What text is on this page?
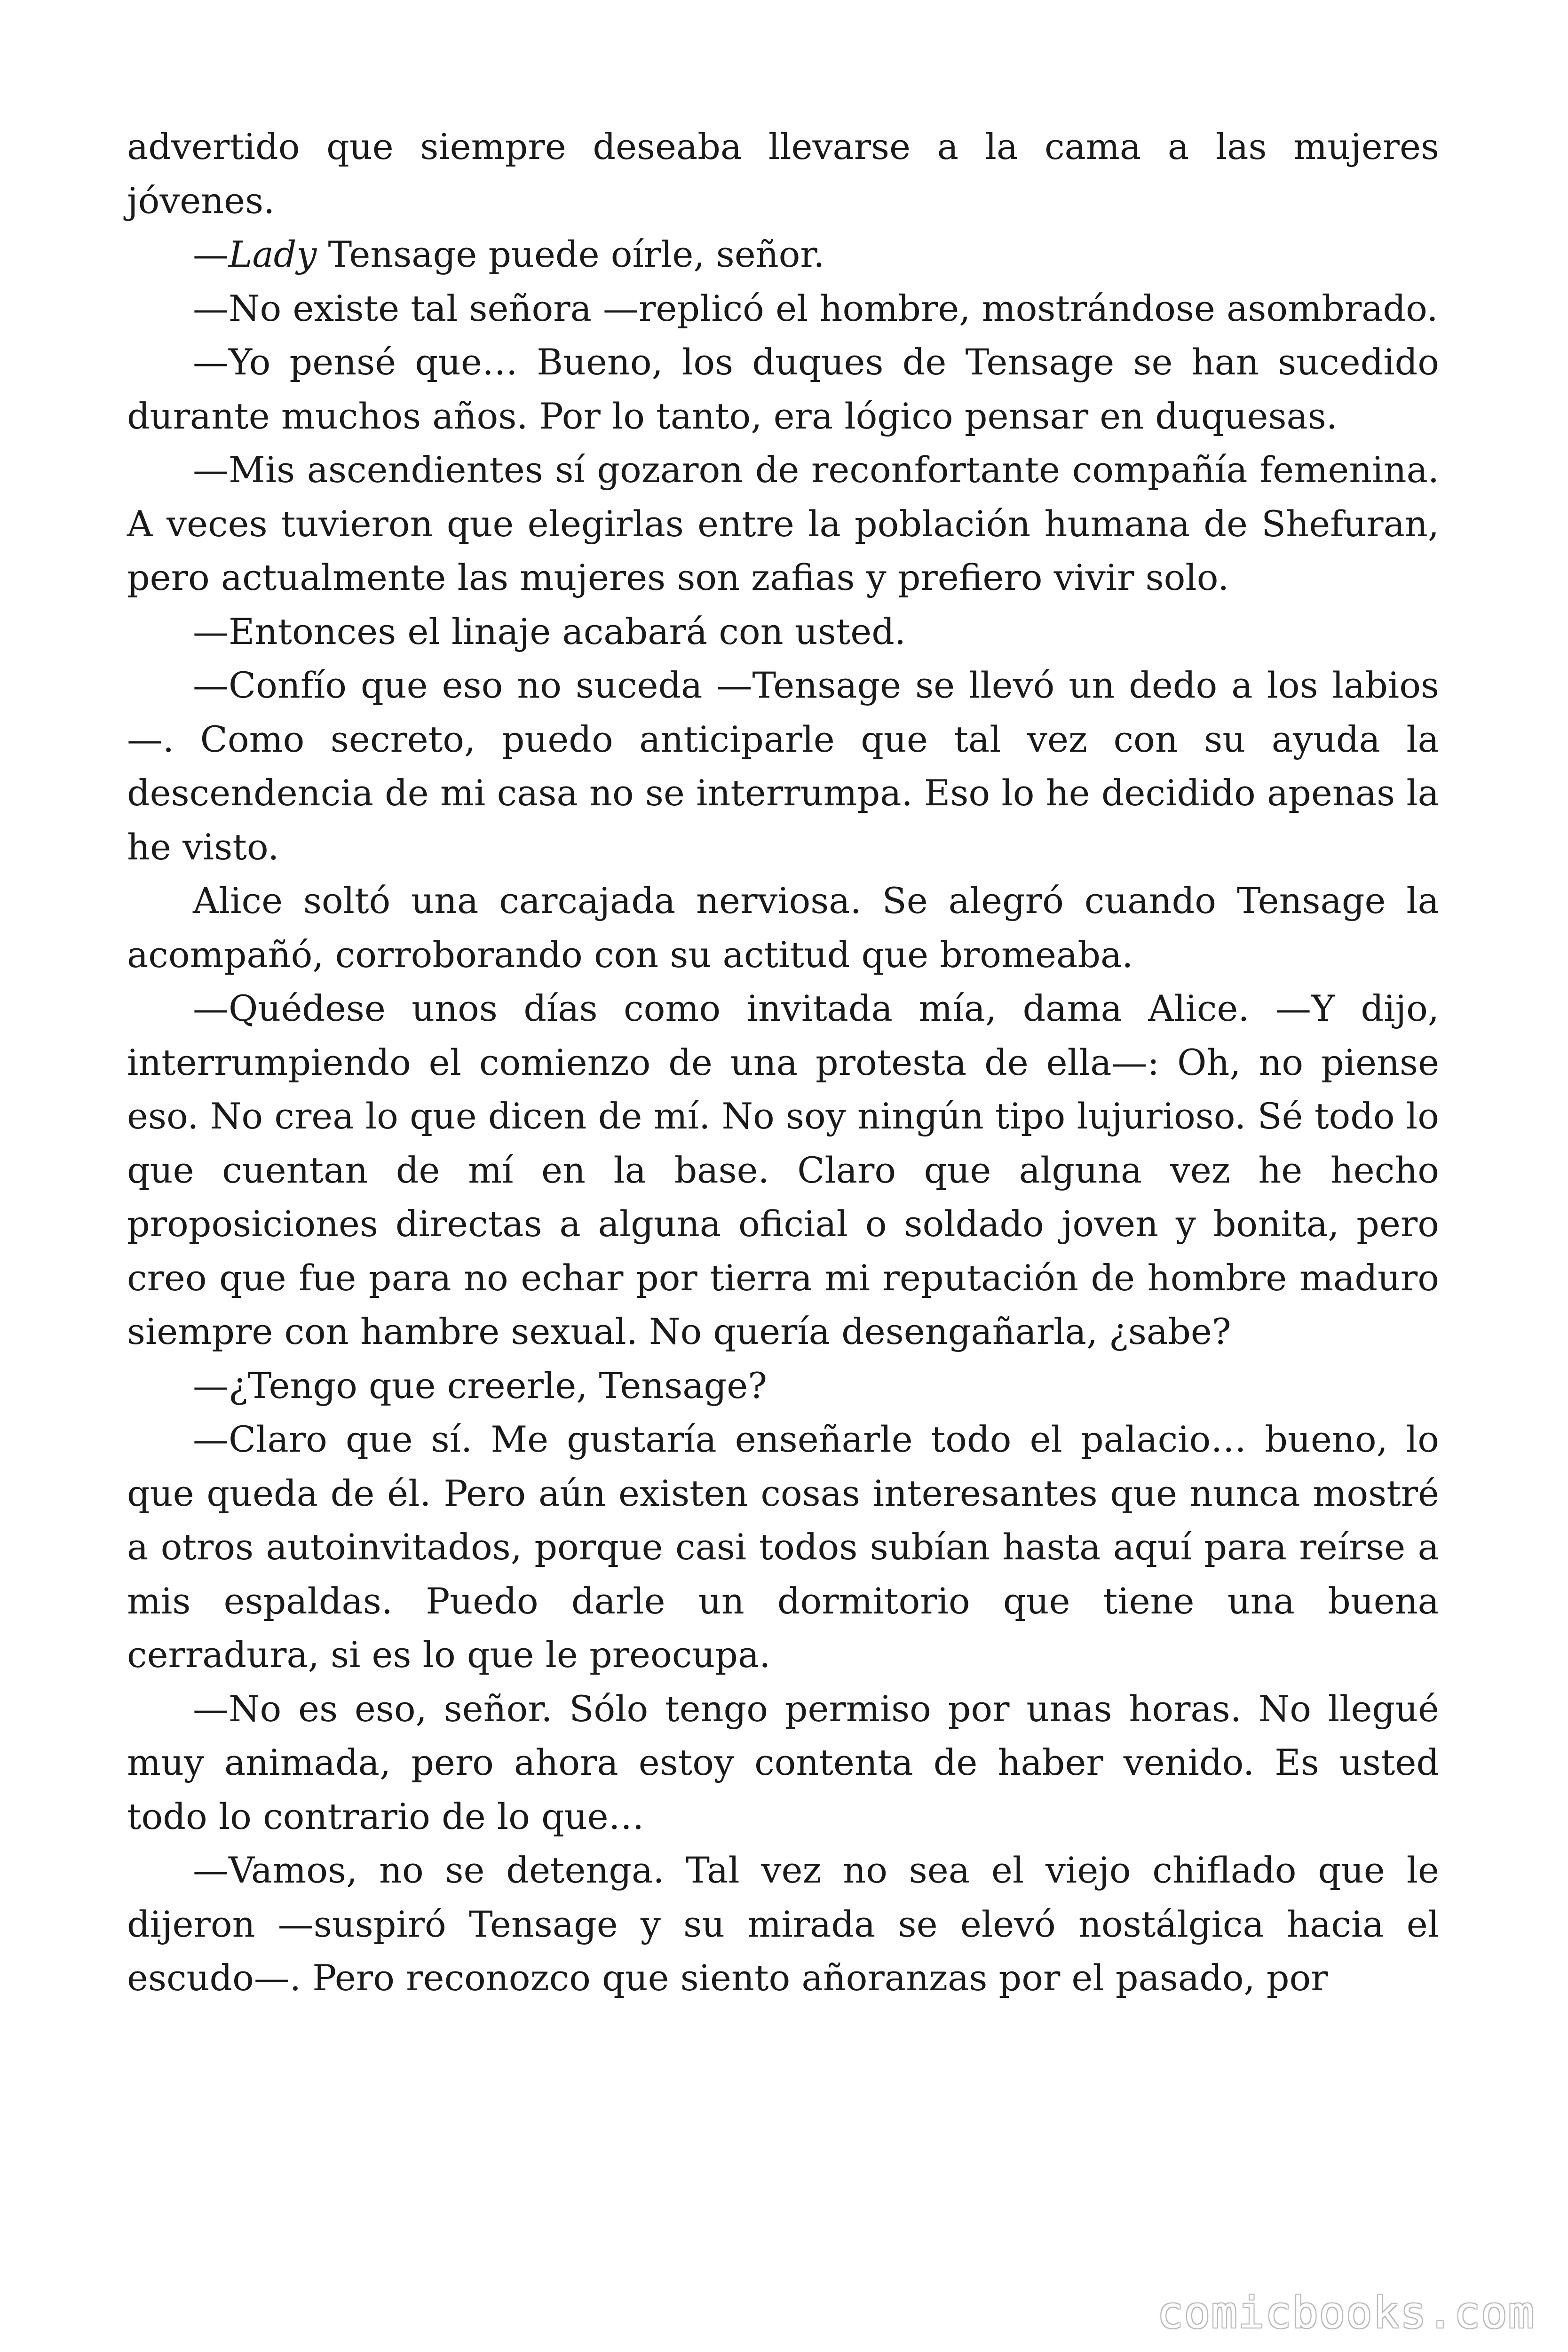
advertido que siempre deseaba llevarse a la cama a las mujeres jóvenes.

—Lady Tensage puede oírle, señor.

—No existe tal señora —replicó el hombre, mostrándose asombrado.

—Yo pensé que… Bueno, los duques de Tensage se han sucedido durante muchos años. Por lo tanto, era lógico pensar en duquesas.

—Mis ascendientes sí gozaron de reconfortante compañía femenina. A veces tuvieron que elegirlas entre la población humana de Shefuran, pero actualmente las mujeres son zafias y prefiero vivir solo.

—Entonces el linaje acabará con usted.

—Confío que eso no suceda —Tensage se llevó un dedo a los labios—. Como secreto, puedo anticiparle que tal vez con su ayuda la descendencia de mi casa no se interrumpa. Eso lo he decidido apenas la he visto.

Alice soltó una carcajada nerviosa. Se alegró cuando Tensage la acompañó, corroborando con su actitud que bromeaba.

—Quédese unos días como invitada mía, dama Alice. —Y dijo, interrumpiendo el comienzo de una protesta de ella—: Oh, no piense eso. No crea lo que dicen de mí. No soy ningún tipo lujurioso. Sé todo lo que cuentan de mí en la base. Claro que alguna vez he hecho proposiciones directas a alguna oficial o soldado joven y bonita, pero creo que fue para no echar por tierra mi reputación de hombre maduro siempre con hambre sexual. No quería desengañarla, ¿sabe?

—¿Tengo que creerle, Tensage?

—Claro que sí. Me gustaría enseñarle todo el palacio… bueno, lo que queda de él. Pero aún existen cosas interesantes que nunca mostré a otros autoinvitados, porque casi todos subían hasta aquí para reírse a mis espaldas. Puedo darle un dormitorio que tiene una buena cerradura, si es lo que le preocupa.

—No es eso, señor. Sólo tengo permiso por unas horas. No llegué muy animada, pero ahora estoy contenta de haber venido. Es usted todo lo contrario de lo que…

—Vamos, no se detenga. Tal vez no sea el viejo chiflado que le dijeron —suspiró Tensage y su mirada se elevó nostálgica hacia el escudo—. Pero reconozco que siento añoranzas por el pasado, por

comicbooks.com
